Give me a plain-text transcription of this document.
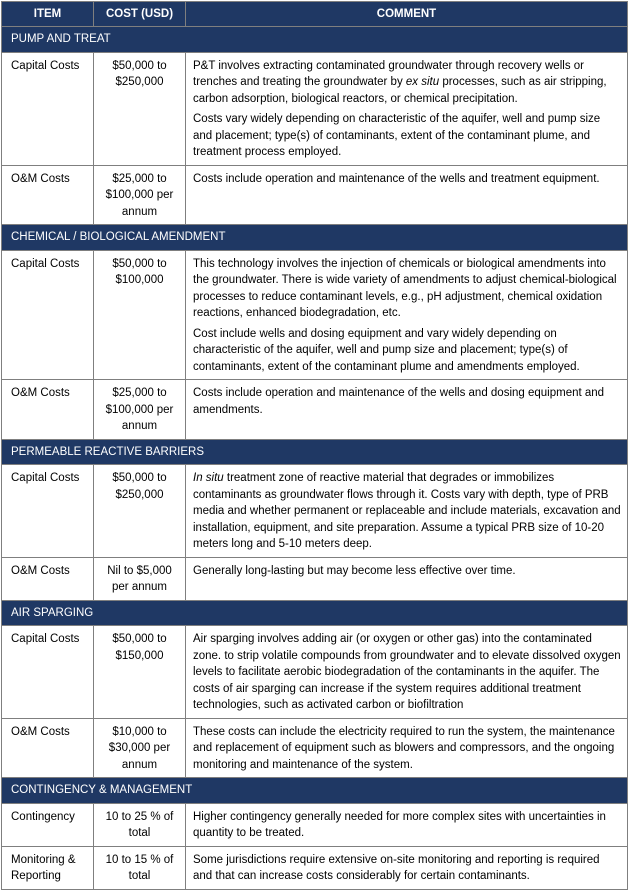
ITEM	COST (USD)	COMMENT
PUMP AND TREAT		
Capital Costs	$50,000 to $250,000	P&T involves extracting contaminated groundwater through recovery wells or trenches and treating the groundwater by ex situ processes, such as air stripping, carbon adsorption, biological reactors, or chemical precipitation.

Costs vary widely depending on characteristic of the aquifer, well and pump size and placement; type(s) of contaminants, extent of the contaminant plume, and treatment process employed.

O&M Costs	$25,000 to $100,000 per annum	Costs include operation and maintenance of the wells and treatment equipment.
CHEMICAL / BIOLOGICAL AMENDMENT		
Capital Costs	$50,000 to $100,000	This technology involves the injection of chemicals or biological amendments into the groundwater. There is wide variety of amendments to adjust chemical-biological processes to reduce contaminant levels, e.g., pH adjustment, chemical oxidation reactions, enhanced biodegradation, etc.

Cost include wells and dosing equipment and vary widely depending on characteristic of the aquifer, well and pump size and placement; type(s) of contaminants, extent of the contaminant plume and amendments employed.

O&M Costs	$25,000 to $100,000 per annum	Costs include operation and maintenance of the wells and dosing equipment and amendments.
PERMEABLE REACTIVE BARRIERS		
Capital Costs	$50,000 to $250,000	In situ treatment zone of reactive material that degrades or immobilizes contaminants as groundwater flows through it. Costs vary with depth, type of PRB media and whether permanent or replaceable and include materials, excavation and installation, equipment, and site preparation. Assume a typical PRB size of 10-20 meters long and 5-10 meters deep.
O&M Costs	Nil to $5,000 per annum	Generally long-lasting but may become less effective over time.
AIR SPARGING		
Capital Costs	$50,000 to $150,000	Air sparging involves adding air (or oxygen or other gas) into the contaminated zone. to strip volatile compounds from groundwater and to elevate dissolved oxygen levels to facilitate aerobic biodegradation of the contaminants in the aquifer. The costs of air sparging can increase if the system requires additional treatment technologies, such as activated carbon or biofiltration
O&M Costs	$10,000 to $30,000 per annum	These costs can include the electricity required to run the system, the maintenance and replacement of equipment such as blowers and compressors, and the ongoing monitoring and maintenance of the system.
CONTINGENCY & MANAGEMENT		
Contingency	10 to 25 % of total	Higher contingency generally needed for more complex sites with uncertainties in quantity to be treated.
Monitoring & Reporting	10 to 15 % of total	Some jurisdictions require extensive on-site monitoring and reporting is required and that can increase costs considerably for certain contaminants.
